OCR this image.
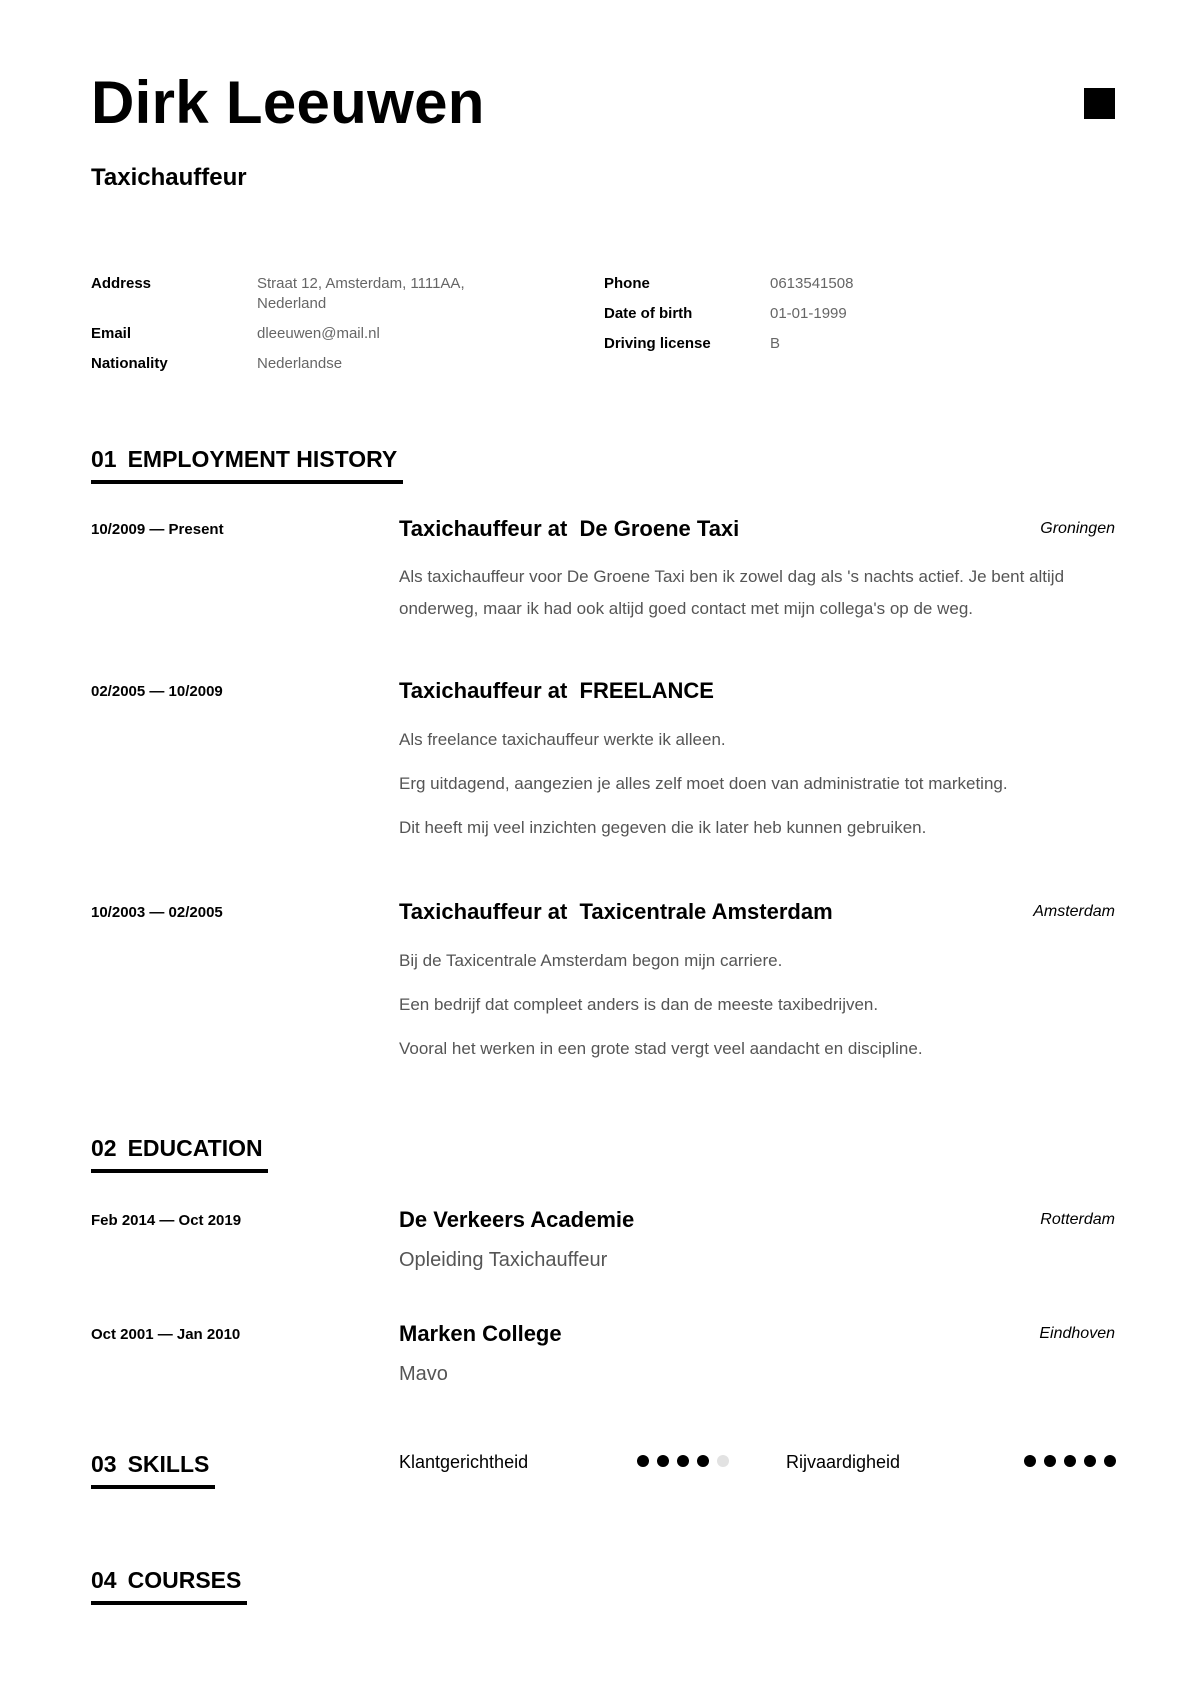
Dirk Leeuwen
Taxichauffeur
Address	Straat 12, Amsterdam, 1111AA, Nederland
Email	dleeuwen@mail.nl
Nationality	Nederlandse
Phone	0613541508
Date of birth	01-01-1999
Driving license	B
01 EMPLOYMENT HISTORY
10/2009 — Present	Taxichauffeur at  De Groene Taxi	Groningen

Als taxichauffeur voor De Groene Taxi ben ik zowel dag als 's nachts actief. Je bent altijd onderweg, maar ik had ook altijd goed contact met mijn collega's op de weg.

02/2005 — 10/2009	Taxichauffeur at  FREELANCE

Als freelance taxichauffeur werkte ik alleen.

Erg uitdagend, aangezien je alles zelf moet doen van administratie tot marketing.

Dit heeft mij veel inzichten gegeven die ik later heb kunnen gebruiken.

10/2003 — 02/2005	Taxichauffeur at  Taxicentrale Amsterdam	Amsterdam

Bij de Taxicentrale Amsterdam begon mijn carriere.

Een bedrijf dat compleet anders is dan de meeste taxibedrijven.

Vooral het werken in een grote stad vergt veel aandacht en discipline.

02 EDUCATION
Feb 2014 — Oct 2019	De Verkeers Academie	Rotterdam
Opleiding Taxichauffeur
Oct 2001 — Jan 2010	Marken College	Eindhoven
Mavo
03 SKILLS	Klantgerichtheid	Rijvaardigheid
04 COURSES
